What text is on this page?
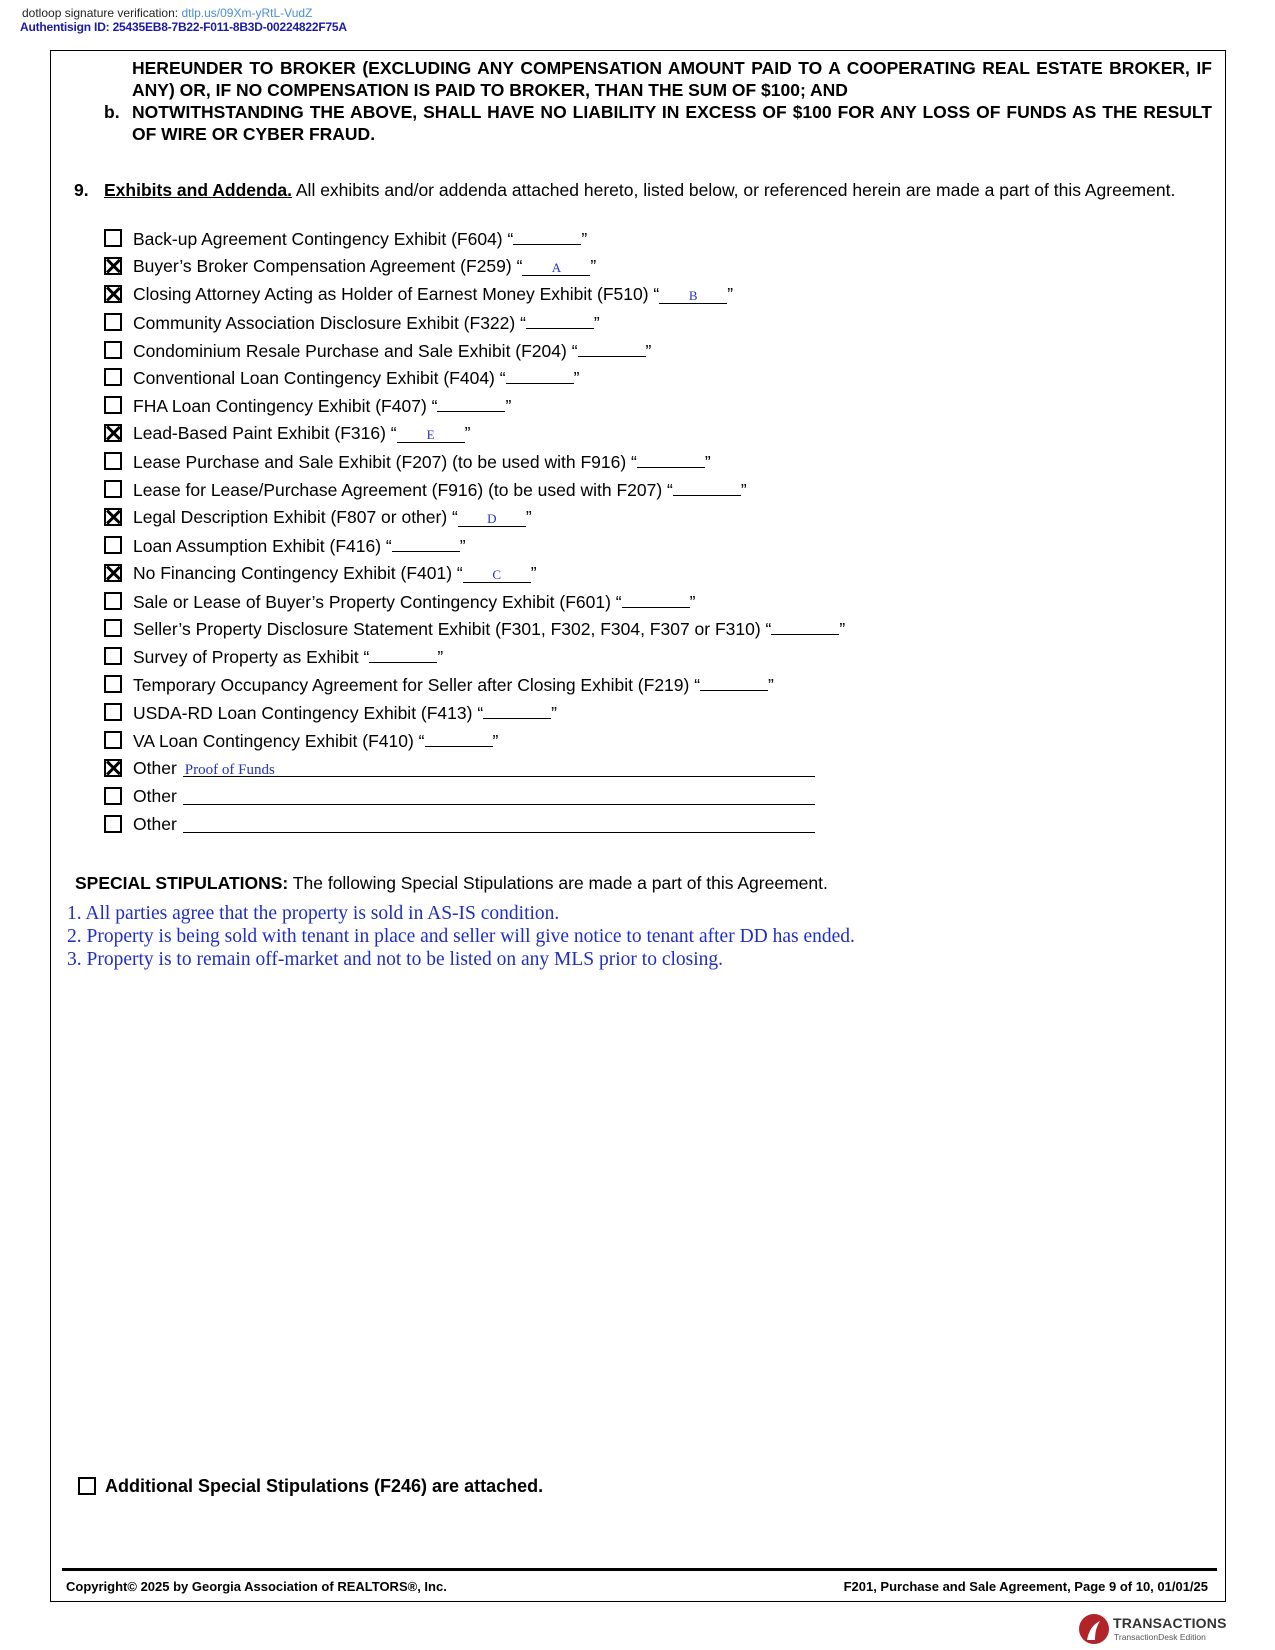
dotloop signature verification: dtlp.us/09Xm-yRtL-VudZ
Authentisign ID: 25435EB8-7B22-F011-8B3D-00224822F75A
HEREUNDER TO BROKER (EXCLUDING ANY COMPENSATION AMOUNT PAID TO A COOPERATING REAL ESTATE BROKER, IF ANY) OR, IF NO COMPENSATION IS PAID TO BROKER, THAN THE SUM OF $100; AND
b. NOTWITHSTANDING THE ABOVE, SHALL HAVE NO LIABILITY IN EXCESS OF $100 FOR ANY LOSS OF FUNDS AS THE RESULT OF WIRE OR CYBER FRAUD.
9. Exhibits and Addenda. All exhibits and/or addenda attached hereto, listed below, or referenced herein are made a part of this Agreement.
Back-up Agreement Contingency Exhibit (F604) “	”
Buyer’s Broker Compensation Agreement (F259) “ A ”
Closing Attorney Acting as Holder of Earnest Money Exhibit (F510) “ B ”
Community Association Disclosure Exhibit (F322) “	”
Condominium Resale Purchase and Sale Exhibit (F204) “	”
Conventional Loan Contingency Exhibit (F404) “	”
FHA Loan Contingency Exhibit (F407) “	”
Lead-Based Paint Exhibit (F316) “ E ”
Lease Purchase and Sale Exhibit (F207) (to be used with F916) “	”
Lease for Lease/Purchase Agreement (F916) (to be used with F207) “	”
Legal Description Exhibit (F807 or other) “ D ”
Loan Assumption Exhibit (F416) “	”
No Financing Contingency Exhibit (F401) “ C ”
Sale or Lease of Buyer’s Property Contingency Exhibit (F601) “	”
Seller’s Property Disclosure Statement Exhibit (F301, F302, F304, F307 or F310) “	”
Survey of Property as Exhibit “	”
Temporary Occupancy Agreement for Seller after Closing Exhibit (F219) “	”
USDA-RD Loan Contingency Exhibit (F413) “	”
VA Loan Contingency Exhibit (F410) “	”
Other Proof of Funds
Other
Other
SPECIAL STIPULATIONS: The following Special Stipulations are made a part of this Agreement.
1. All parties agree that the property is sold in AS-IS condition.
2. Property is being sold with tenant in place and seller will give notice to tenant after DD has ended.
3. Property is to remain off-market and not to be listed on any MLS prior to closing.
Additional Special Stipulations (F246) are attached.
Copyright© 2025 by Georgia Association of REALTORS®, Inc.	F201, Purchase and Sale Agreement, Page 9 of 10, 01/01/25
TRANSACTIONS
TransactionDesk Edition
